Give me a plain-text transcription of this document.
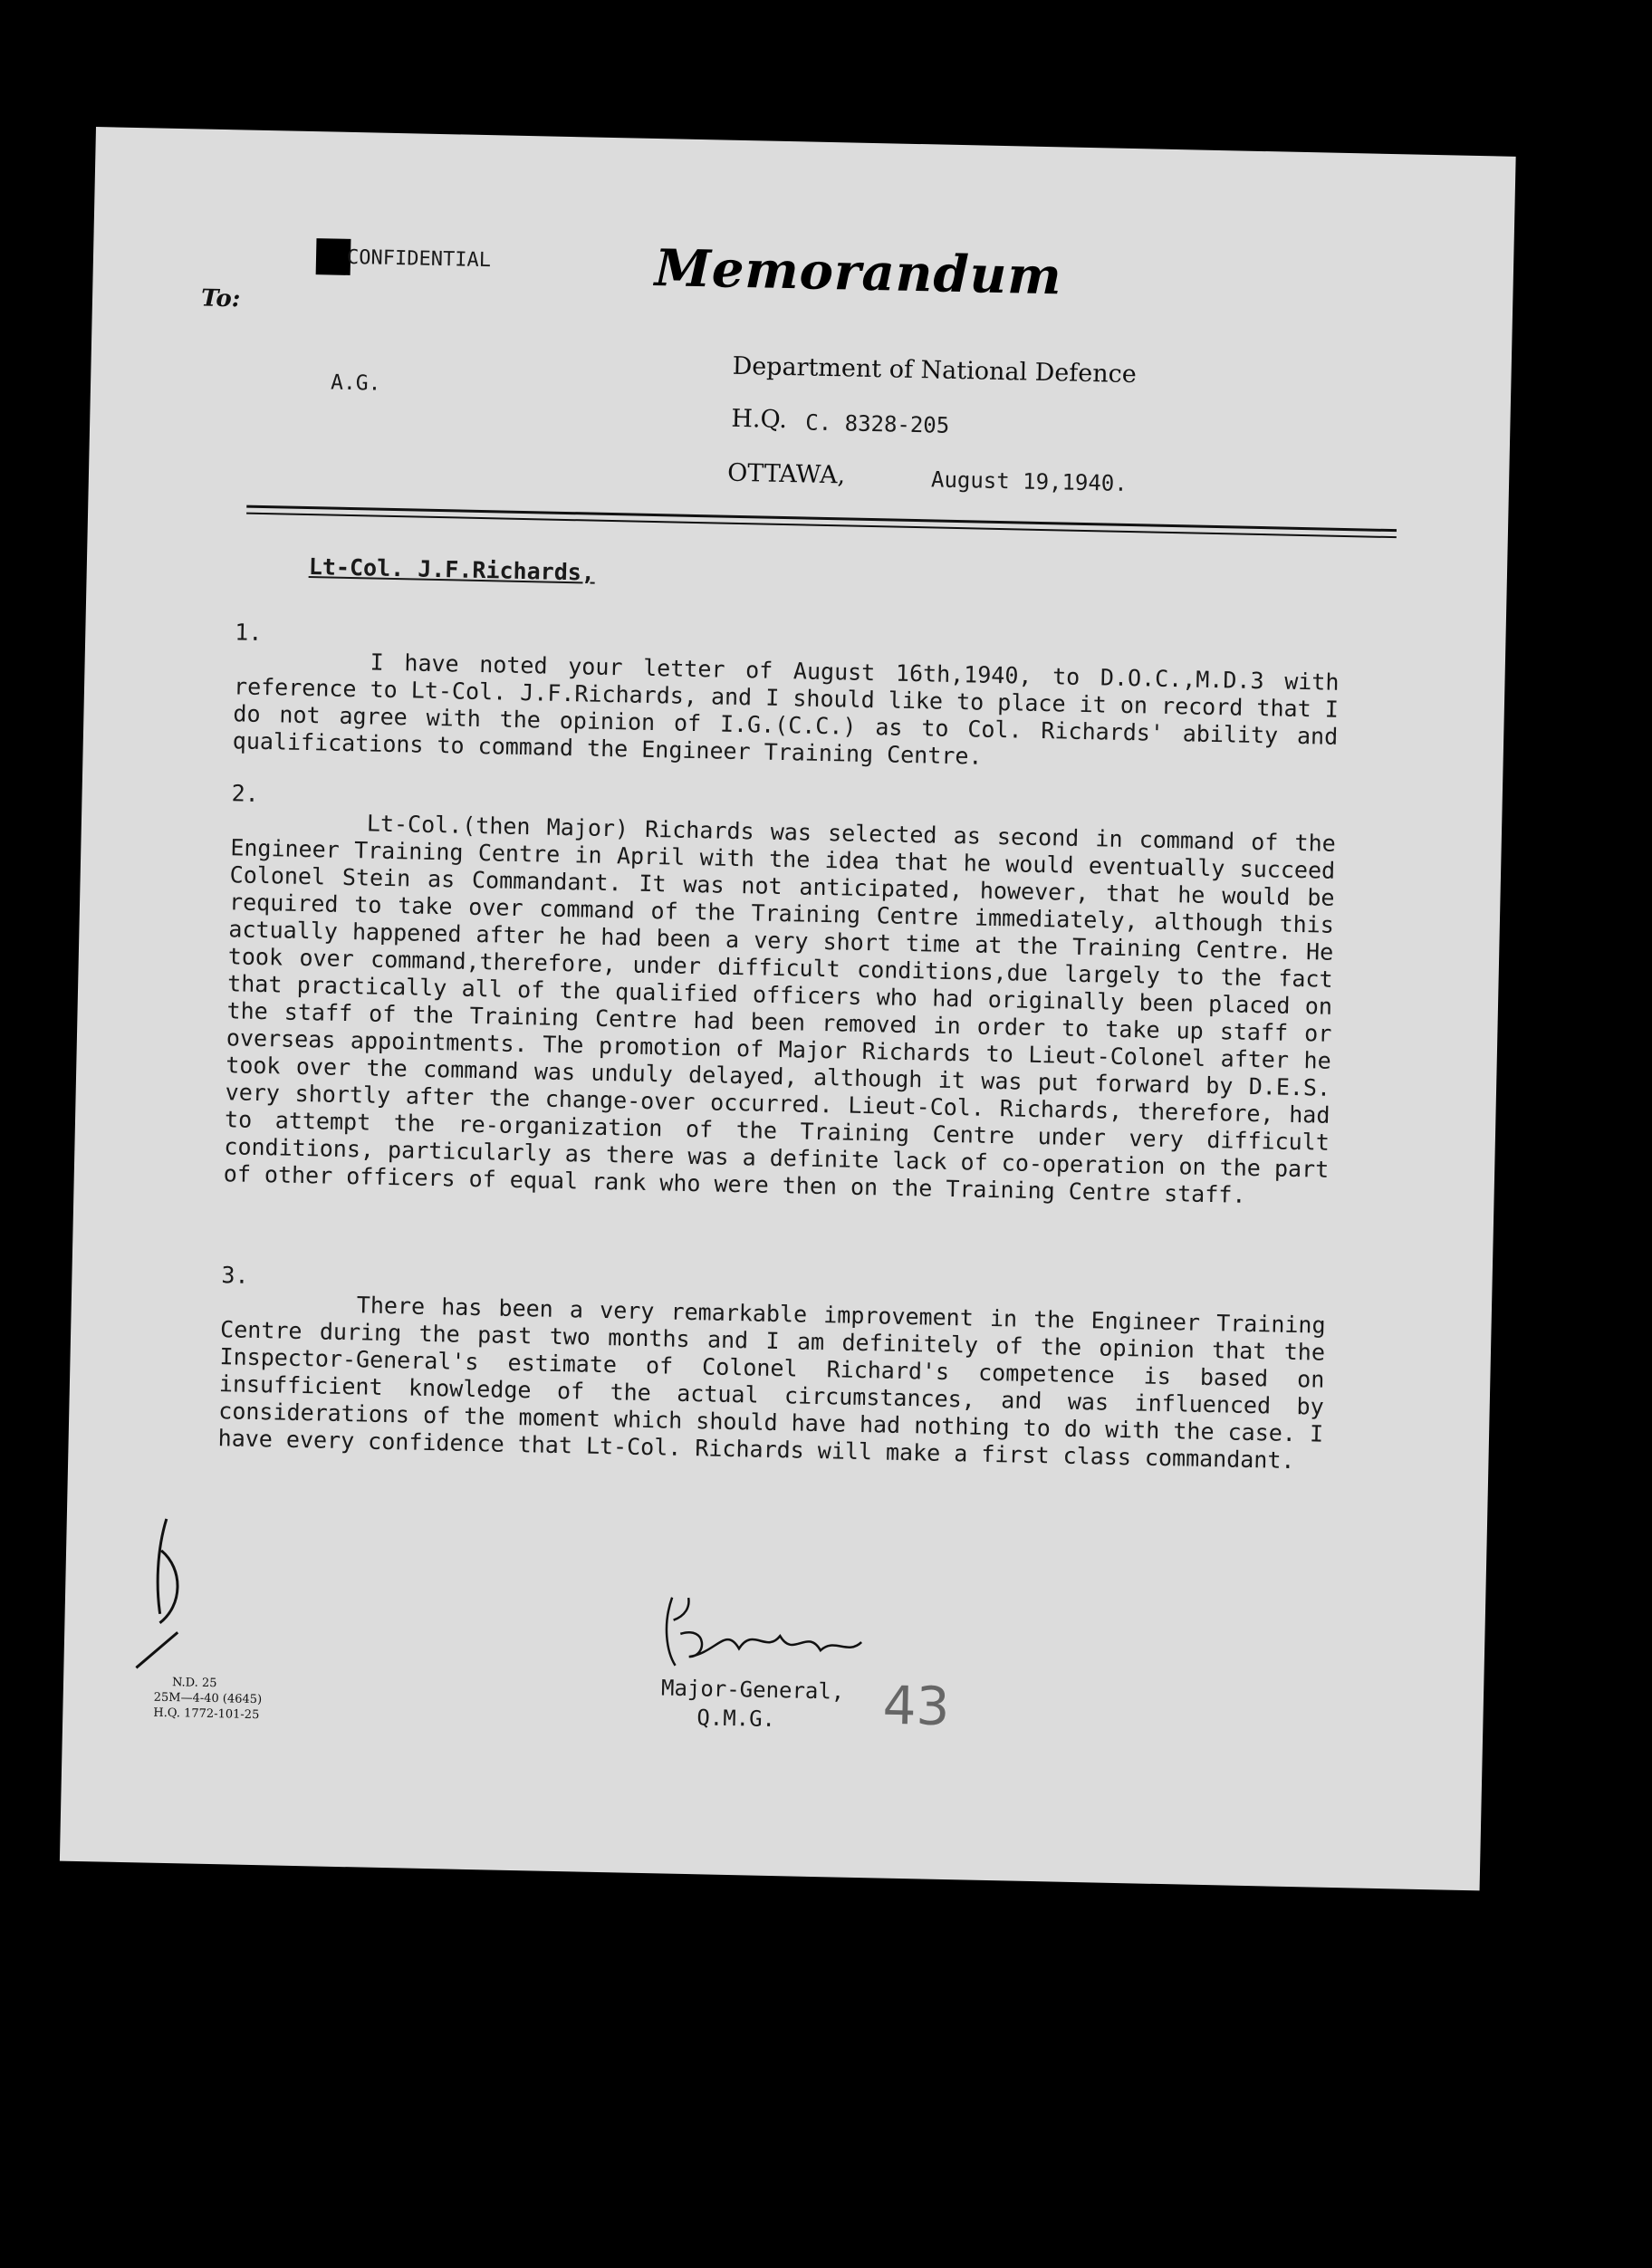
CONFIDENTIAL	Memorandum
To:
A.G.	Department of National Defence
H.Q. C. 8328-205
OTTAWA,	August 19,1940.
Lt-Col. J.F.Richards,
1.
I have noted your letter of August 16th,1940, to D.O.C.,M.D.3 with reference to Lt-Col. J.F.Richards, and I should like to place it on record that I do not agree with the opinion of I.G.(C.C.) as to Col. Richards' ability and qualifications to command the Engineer Training Centre.
2.
Lt-Col.(then Major) Richards was selected as second in command of the Engineer Training Centre in April with the idea that he would eventually succeed Colonel Stein as Commandant. It was not anticipated, however, that he would be required to take over command of the Training Centre immediately, although this actually happened after he had been a very short time at the Training Centre. He took over command,therefore, under difficult conditions,due largely to the fact that practically all of the qualified officers who had originally been placed on the staff of the Training Centre had been removed in order to take up staff or overseas appointments. The promotion of Major Richards to Lieut-Colonel after he took over the command was unduly delayed, although it was put forward by D.E.S. very shortly after the change-over occurred. Lieut-Col. Richards, therefore, had to attempt the re-organization of the Training Centre under very difficult conditions, particularly as there was a definite lack of co-operation on the part of other officers of equal rank who were then on the Training Centre staff.
3.
There has been a very remarkable improvement in the Engineer Training Centre during the past two months and I am definitely of the opinion that the Inspector-General's estimate of Colonel Richard's competence is based on insufficient knowledge of the actual circumstances, and was influenced by considerations of the moment which should have had nothing to do with the case. I have every confidence that Lt-Col. Richards will make a first class commandant.
Major-General,
Q.M.G.
N.D. 25
25M—4-40 (4645)
H.Q. 1772-101-25	43
